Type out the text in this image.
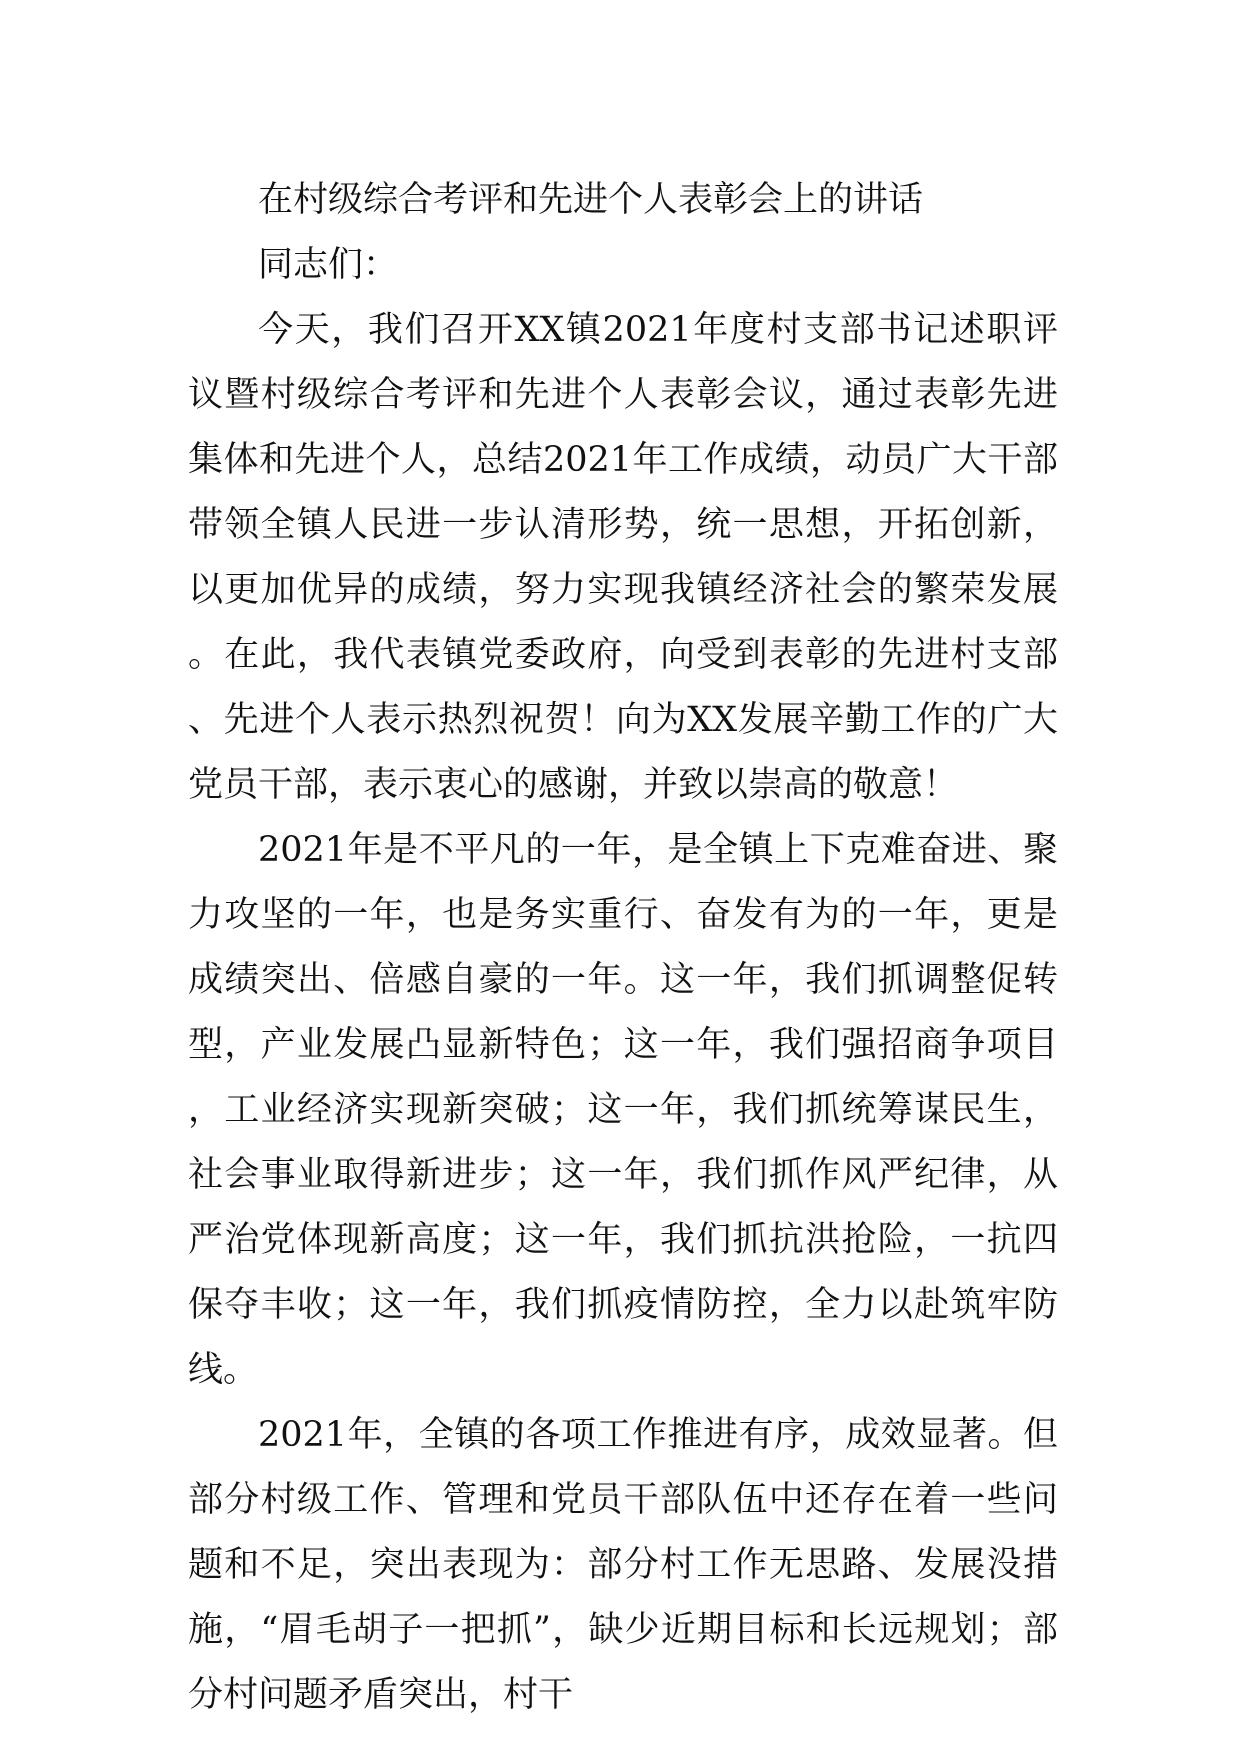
在村级综合考评和先进个人表彰会上的讲话

同志们：

今天，我们召开XX镇2021年度村支部书记述职评议暨村级综合考评和先进个人表彰会议，通过表彰先进集体和先进个人，总结2021年工作成绩，动员广大干部带领全镇人民进一步认清形势，统一思想，开拓创新，以更加优异的成绩，努力实现我镇经济社会的繁荣发展。在此，我代表镇党委政府，向受到表彰的先进村支部、先进个人表示热烈祝贺！向为XX发展辛勤工作的广大党员干部，表示衷心的感谢，并致以崇高的敬意！

2021年是不平凡的一年，是全镇上下克难奋进、聚力攻坚的一年，也是务实重行、奋发有为的一年，更是成绩突出、倍感自豪的一年。这一年，我们抓调整促转型，产业发展凸显新特色；这一年，我们强招商争项目，工业经济实现新突破；这一年，我们抓统筹谋民生，社会事业取得新进步；这一年，我们抓作风严纪律，从严治党体现新高度；这一年，我们抓抗洪抢险，一抗四保夺丰收；这一年，我们抓疫情防控，全力以赴筑牢防线。

2021年，全镇的各项工作推进有序，成效显著。但部分村级工作、管理和党员干部队伍中还存在着一些问题和不足，突出表现为：部分村工作无思路、发展没措施，“眉毛胡子一把抓”，缺少近期目标和长远规划；部分村问题矛盾突出，村干
